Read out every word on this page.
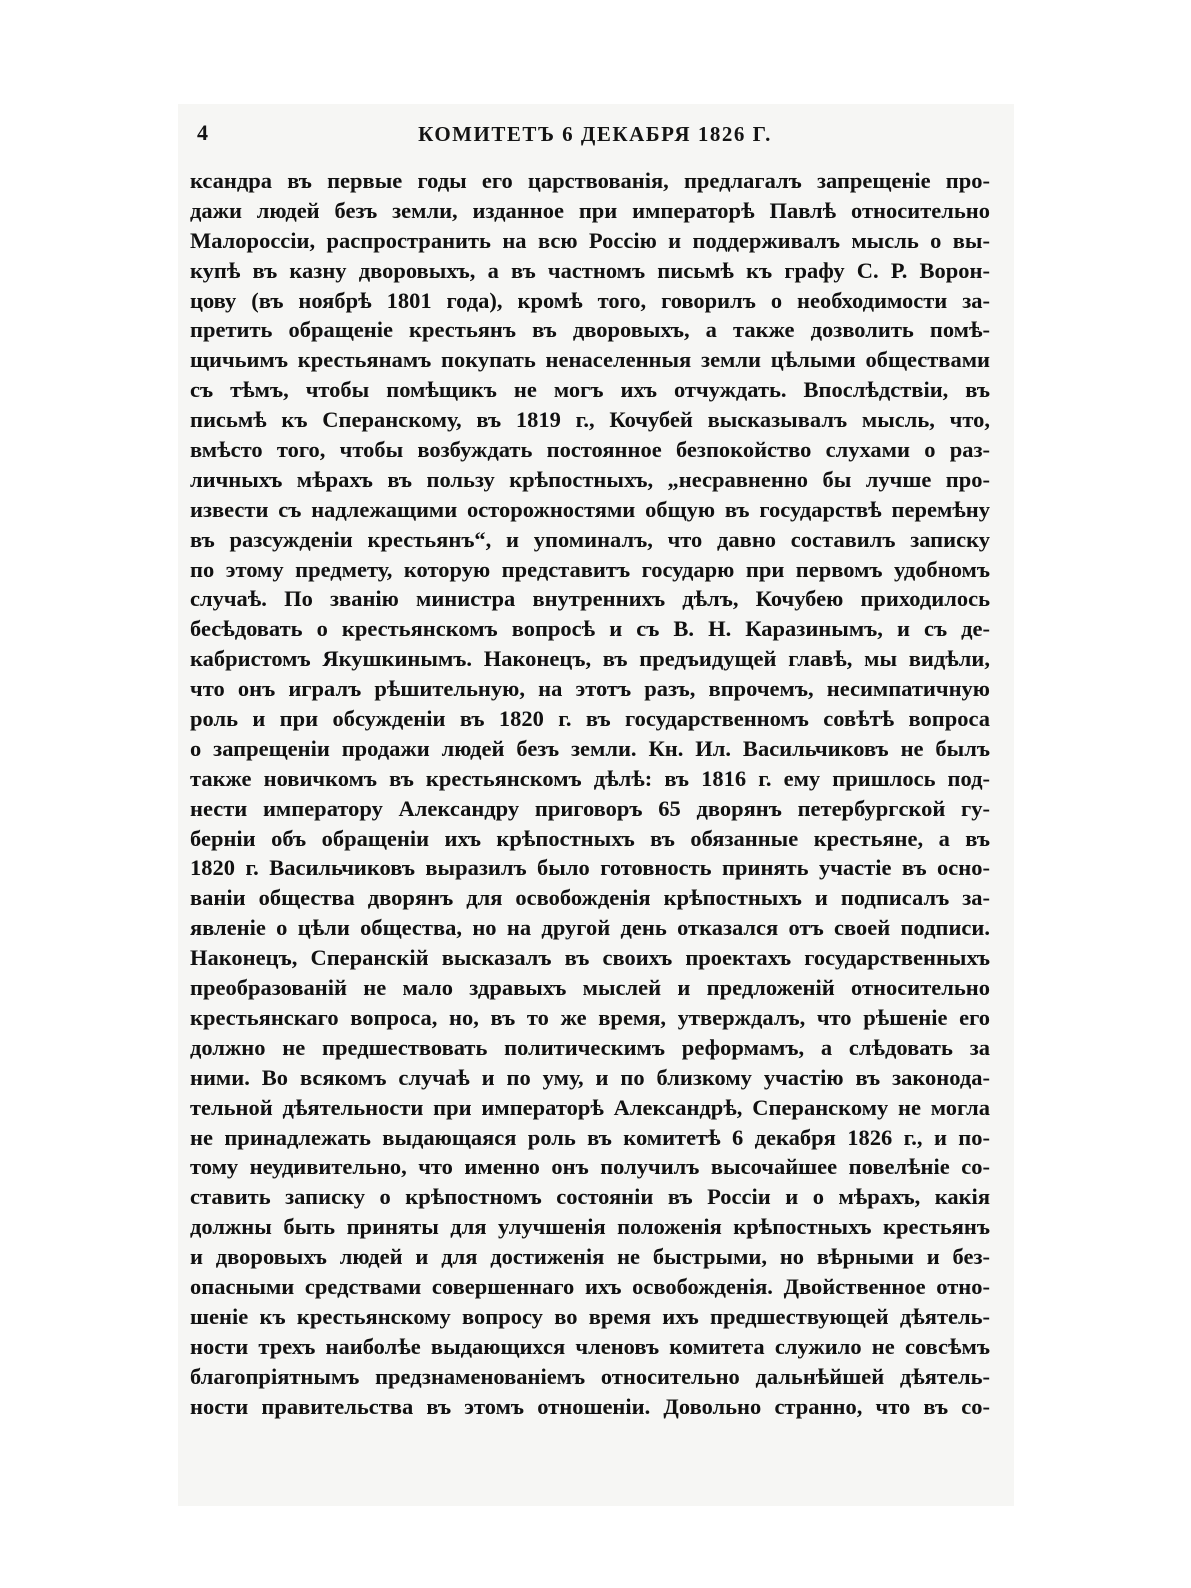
4	КОМИТЕТЪ 6 ДЕКАБРЯ 1826 Г.
ксандра въ первые годы его царствованія, предлагалъ запрещеніе про-
дажи людей безъ земли, изданное при императорѣ Павлѣ относительно
Малороссіи, распространить на всю Россію и поддерживалъ мысль о вы-
купѣ въ казну дворовыхъ, а въ частномъ письмѣ къ графу С. Р. Ворон-
цову (въ ноябрѣ 1801 года), кромѣ того, говорилъ о необходимости за-
претить обращеніе крестьянъ въ дворовыхъ, а также дозволить помѣ-
щичьимъ крестьянамъ покупать ненаселенныя земли цѣлыми обществами
съ тѣмъ, чтобы помѣщикъ не могъ ихъ отчуждать. Впослѣдствіи, въ
письмѣ къ Сперанскому, въ 1819 г., Кочубей высказывалъ мысль, что,
вмѣсто того, чтобы возбуждать постоянное безпокойство слухами о раз-
личныхъ мѣрахъ въ пользу крѣпостныхъ, „несравненно бы лучше про-
извести съ надлежащими осторожностями общую въ государствѣ перемѣну
въ разсужденіи крестьянъ“, и упоминалъ, что давно составилъ записку
по этому предмету, которую представитъ государю при первомъ удобномъ
случаѣ. По званію министра внутреннихъ дѣлъ, Кочубею приходилось
бесѣдовать о крестьянскомъ вопросѣ и съ В. Н. Каразинымъ, и съ де-
кабристомъ Якушкинымъ. Наконецъ, въ предъидущей главѣ, мы видѣли,
что онъ игралъ рѣшительную, на этотъ разъ, впрочемъ, несимпатичную
роль и при обсужденіи въ 1820 г. въ государственномъ совѣтѣ вопроса
о запрещеніи продажи людей безъ земли. Кн. Ил. Васильчиковъ не былъ
также новичкомъ въ крестьянскомъ дѣлѣ: въ 1816 г. ему пришлось под-
нести императору Александру приговоръ 65 дворянъ петербургской гу-
берніи объ обращеніи ихъ крѣпостныхъ въ обязанные крестьяне, а въ
1820 г. Васильчиковъ выразилъ было готовность принять участіе въ осно-
ваніи общества дворянъ для освобожденія крѣпостныхъ и подписалъ за-
явленіе о цѣли общества, но на другой день отказался отъ своей подписи.
Наконецъ, Сперанскій высказалъ въ своихъ проектахъ государственныхъ
преобразованій не мало здравыхъ мыслей и предложеній относительно
крестьянскаго вопроса, но, въ то же время, утверждалъ, что рѣшеніе его
должно не предшествовать политическимъ реформамъ, а слѣдовать за
ними. Во всякомъ случаѣ и по уму, и по близкому участію въ законода-
тельной дѣятельности при императорѣ Александрѣ, Сперанскому не могла
не принадлежать выдающаяся роль въ комитетѣ 6 декабря 1826 г., и по-
тому неудивительно, что именно онъ получилъ высочайшее повелѣніе со-
ставить записку о крѣпостномъ состояніи въ Россіи и о мѣрахъ, какія
должны быть приняты для улучшенія положенія крѣпостныхъ крестьянъ
и дворовыхъ людей и для достиженія не быстрыми, но вѣрными и без-
опасными средствами совершеннаго ихъ освобожденія. Двойственное отно-
шеніе къ крестьянскому вопросу во время ихъ предшествующей дѣятель-
ности трехъ наиболѣе выдающихся членовъ комитета служило не совсѣмъ
благопріятнымъ предзнаменованіемъ относительно дальнѣйшей дѣятель-
ности правительства въ этомъ отношеніи. Довольно странно, что въ со-
